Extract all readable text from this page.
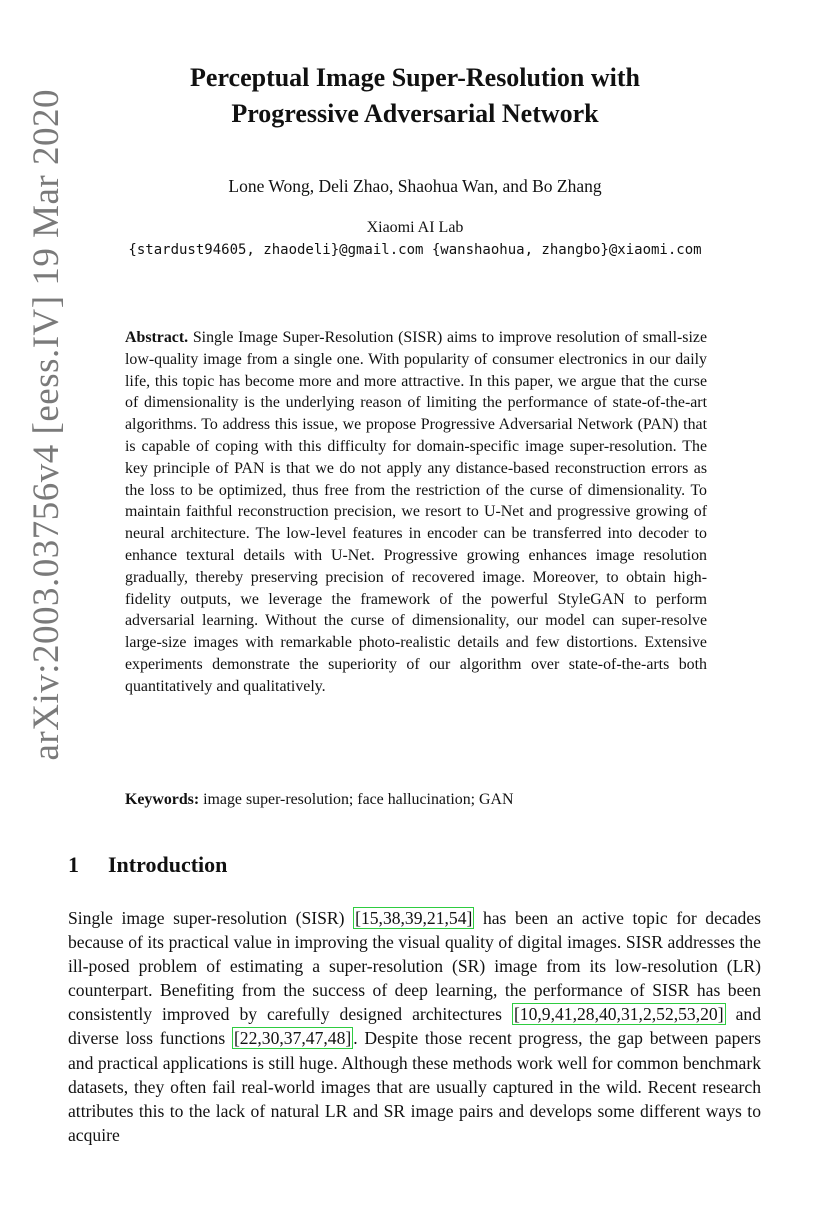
arXiv:2003.03756v4 [eess.IV] 19 Mar 2020
Perceptual Image Super-Resolution with
Progressive Adversarial Network
Lone Wong, Deli Zhao, Shaohua Wan, and Bo Zhang
Xiaomi AI Lab
{stardust94605, zhaodeli}@gmail.com {wanshaohua, zhangbo}@xiaomi.com
Abstract. Single Image Super-Resolution (SISR) aims to improve resolution of small-size low-quality image from a single one. With popularity of consumer electronics in our daily life, this topic has become more and more attractive. In this paper, we argue that the curse of dimensionality is the underlying reason of limiting the performance of state-of-the-art algorithms. To address this issue, we propose Progressive Adversarial Network (PAN) that is capable of coping with this difficulty for domain-specific image super-resolution. The key principle of PAN is that we do not apply any distance-based reconstruction errors as the loss to be optimized, thus free from the restriction of the curse of dimensionality. To maintain faithful reconstruction precision, we resort to U-Net and progressive growing of neural architecture. The low-level features in encoder can be transferred into decoder to enhance textural details with U-Net. Progressive growing enhances image resolution gradually, thereby preserving precision of recovered image. Moreover, to obtain high-fidelity outputs, we leverage the framework of the powerful StyleGAN to perform adversarial learning. Without the curse of dimensionality, our model can super-resolve large-size images with remarkable photo-realistic details and few distortions. Extensive experiments demonstrate the superiority of our algorithm over state-of-the-arts both quantitatively and qualitatively.
Keywords: image super-resolution; face hallucination; GAN
1 Introduction
Single image super-resolution (SISR) [15,38,39,21,54] has been an active topic for decades because of its practical value in improving the visual quality of digital images. SISR addresses the ill-posed problem of estimating a super-resolution (SR) image from its low-resolution (LR) counterpart. Benefiting from the success of deep learning, the performance of SISR has been consistently improved by carefully designed architectures [10,9,41,28,40,31,2,52,53,20] and diverse loss functions [22,30,37,47,48] . Despite those recent progress, the gap between papers and practical applications is still huge. Although these methods work well for common benchmark datasets, they often fail real-world images that are usually captured in the wild. Recent research attributes this to the lack of natural LR and SR image pairs and develops some different ways to acquire
